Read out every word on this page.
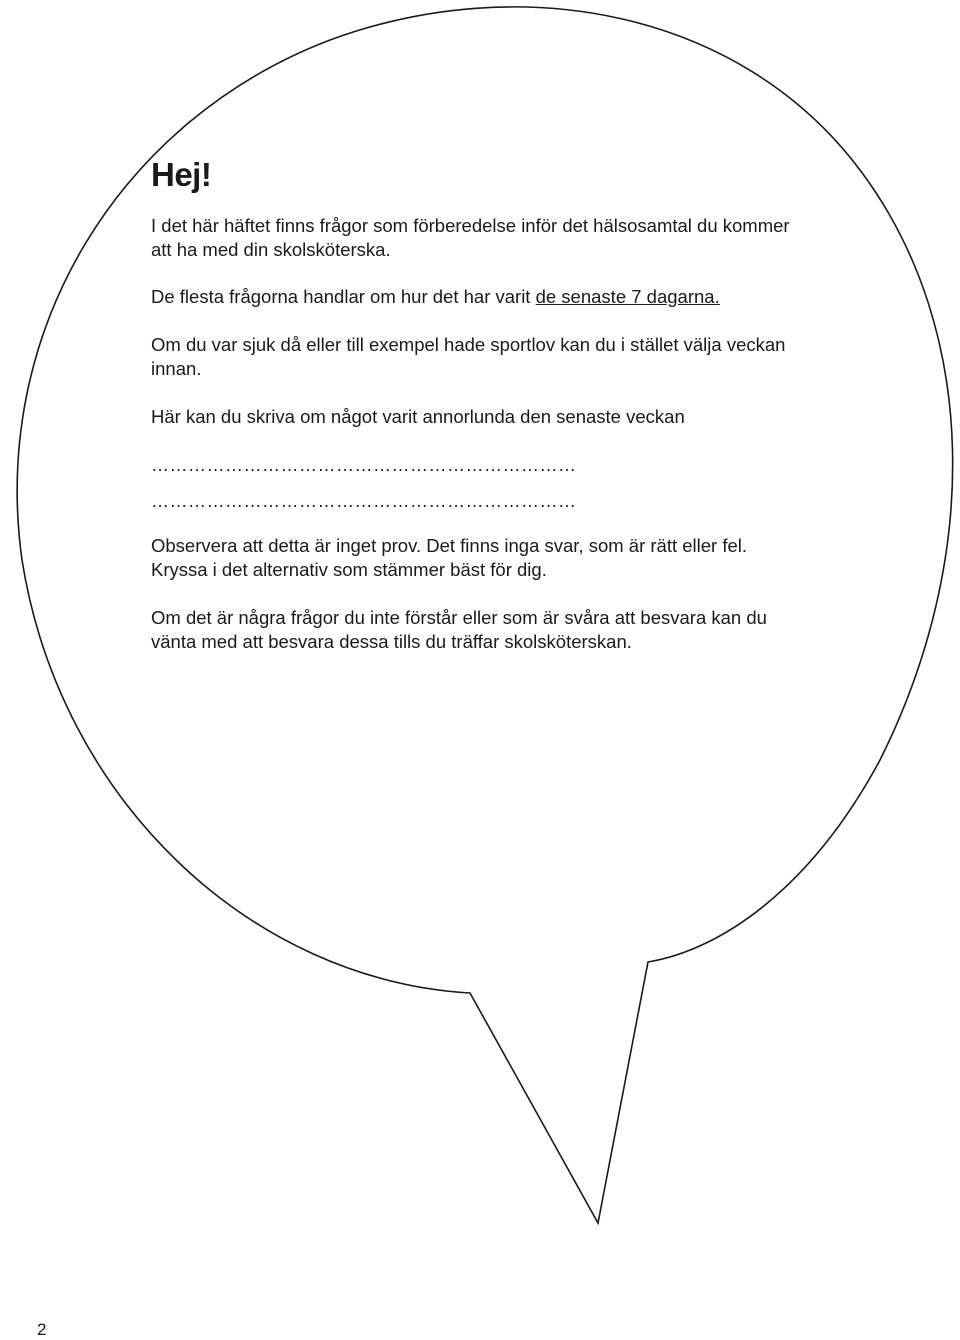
Hej!

I det här häftet finns frågor som förberedelse inför det hälsosamtal du kommer att ha med din skolsköterska.

De flesta frågorna handlar om hur det har varit de senaste 7 dagarna.

Om du var sjuk då eller till exempel hade sportlov kan du i stället välja veckan innan.

Här kan du skriva om något varit annorlunda den senaste veckan

……………………………………………………………

……………………………………………………………

Observera att detta är inget prov. Det finns inga svar, som är rätt eller fel.

Kryssa i det alternativ som stämmer bäst för dig.

Om det är några frågor du inte förstår eller som är svåra att besvara kan du vänta med att besvara dessa tills du träffar skolsköterskan.

2
